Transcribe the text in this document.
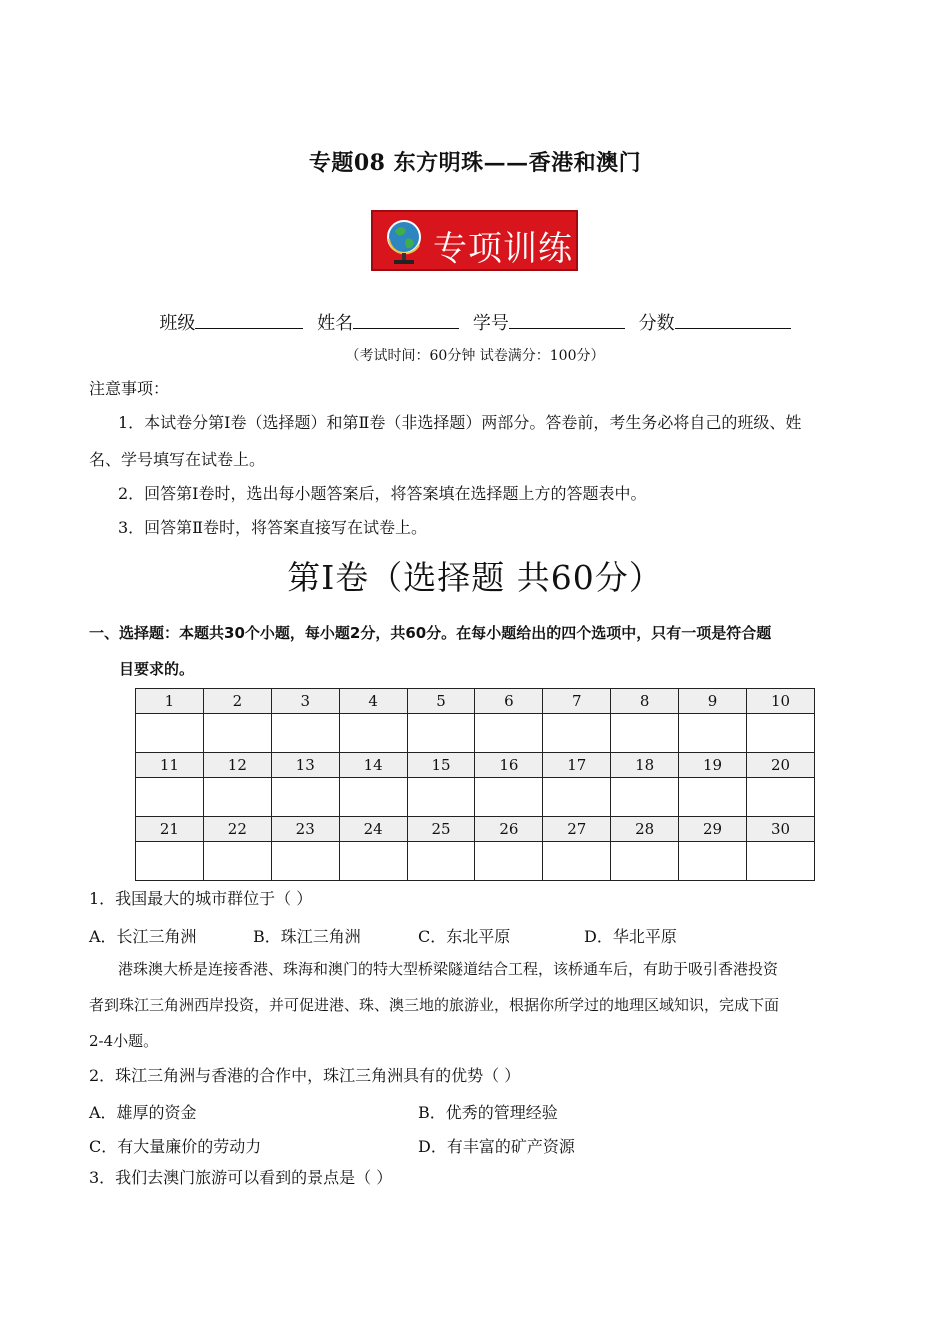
专题08 东方明珠——香港和澳门
专项训练
班级	姓名	学号	分数
（考试时间：60分钟 试卷满分：100分）
注意事项：
1．本试卷分第Ⅰ卷（选择题）和第Ⅱ卷（非选择题）两部分。答卷前，考生务必将自己的班级、姓
名、学号填写在试卷上。
2．回答第Ⅰ卷时，选出每小题答案后，将答案填在选择题上方的答题表中。
3．回答第Ⅱ卷时，将答案直接写在试卷上。
第Ⅰ卷（选择题 共60分）
一、选择题：本题共30个小题，每小题2分，共60分。在每小题给出的四个选项中，只有一项是符合题
目要求的。
1	2	3	4	5	6	7	8	9	10

11	12	13	14	15	16	17	18	19	20

21	22	23	24	25	26	27	28	29	30

1．我国最大的城市群位于（ ）
A．长江三角洲	B．珠江三角洲	C．东北平原	D．华北平原
港珠澳大桥是连接香港、珠海和澳门的特大型桥梁隧道结合工程，该桥通车后，有助于吸引香港投资
者到珠江三角洲西岸投资，并可促进港、珠、澳三地的旅游业，根据你所学过的地理区域知识，完成下面
2-4小题。
2．珠江三角洲与香港的合作中，珠江三角洲具有的优势（ ）
A．雄厚的资金	B．优秀的管理经验
C．有大量廉价的劳动力	D．有丰富的矿产资源
3．我们去澳门旅游可以看到的景点是（ ）
